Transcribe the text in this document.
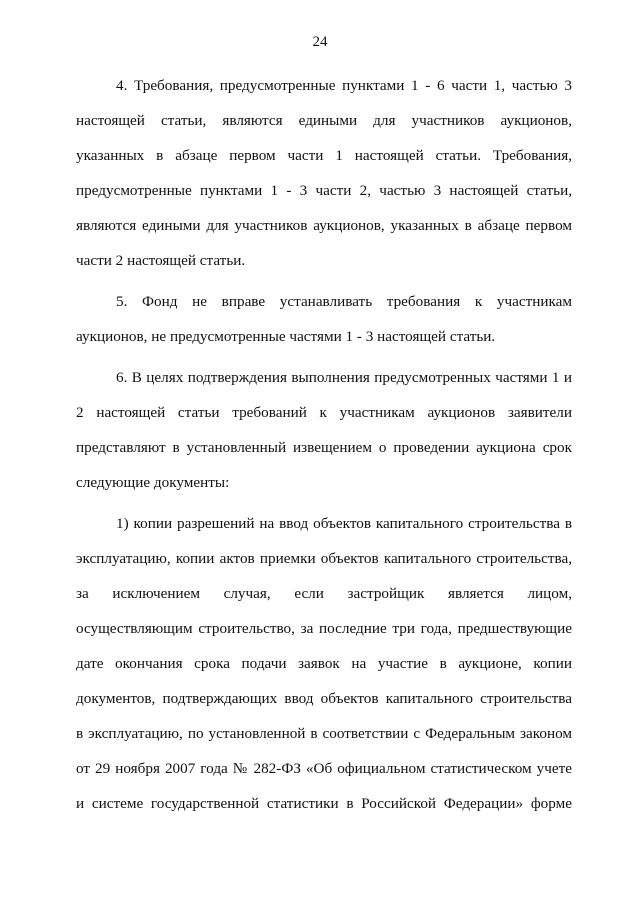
24
4. Требования, предусмотренные пунктами 1 - 6 части 1, частью 3
настоящей статьи, являются едиными для участников аукционов,
указанных в абзаце первом части 1 настоящей статьи. Требования,
предусмотренные пунктами 1 - 3 части 2, частью 3 настоящей статьи,
являются едиными для участников аукционов, указанных в абзаце первом
части 2 настоящей статьи.
5. Фонд не вправе устанавливать требования к участникам
аукционов, не предусмотренные частями 1 - 3 настоящей статьи.
6. В целях подтверждения выполнения предусмотренных частями 1 и
2 настоящей статьи требований к участникам аукционов заявители
представляют в установленный извещением о проведении аукциона срок
следующие документы:
1) копии разрешений на ввод объектов капитального строительства в
эксплуатацию, копии актов приемки объектов капитального строительства,
за исключением случая, если застройщик является лицом,
осуществляющим строительство, за последние три года, предшествующие
дате окончания срока подачи заявок на участие в аукционе, копии
документов, подтверждающих ввод объектов капитального строительства
в эксплуатацию, по установленной в соответствии с Федеральным законом
от 29 ноября 2007 года № 282-ФЗ «Об официальном статистическом учете
и системе государственной статистики в Российской Федерации» форме
